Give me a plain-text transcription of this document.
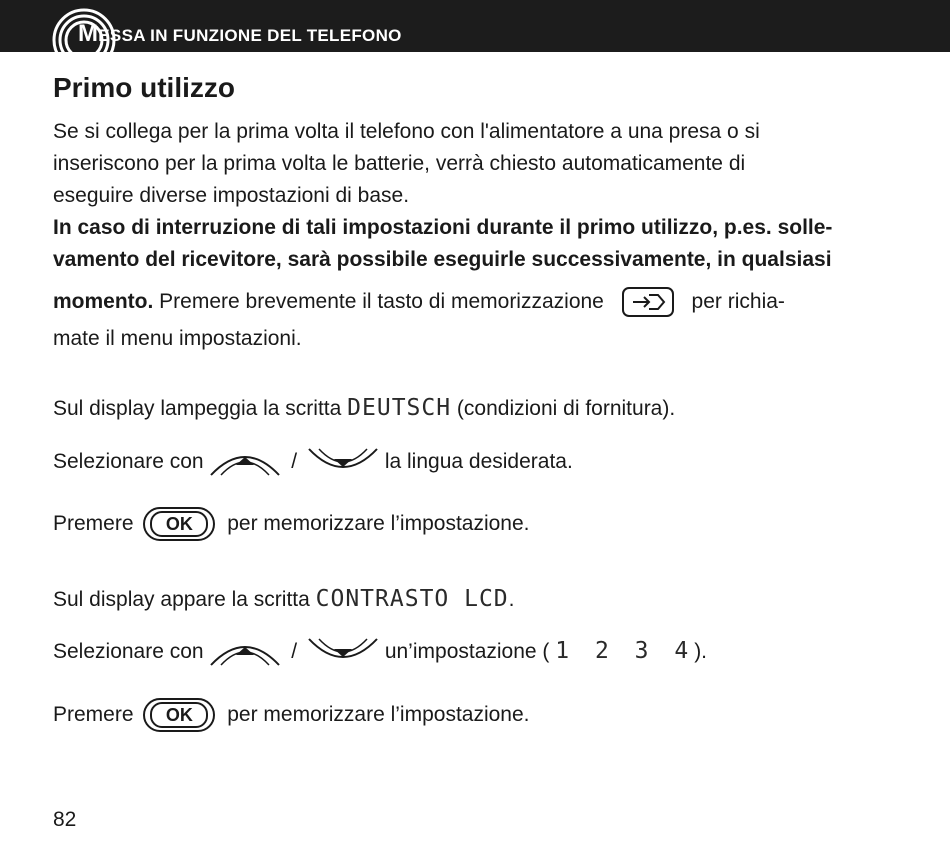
MESSA IN FUNZIONE DEL TELEFONO
Primo utilizzo
Se si collega per la prima volta il telefono con l'alimentatore a una presa o si
inseriscono per la prima volta le batterie, verrà chiesto automaticamente di
eseguire diverse impostazioni di base.
In caso di interruzione di tali impostazioni durante il primo utilizzo, p.es. solle-
vamento del ricevitore, sarà possibile eseguirle successivamente, in qualsiasi
momento. Premere brevemente il tasto di memorizzazione	per richia-
mate il menu impostazioni.
Sul display lampeggia la scritta DEUTSCH (condizioni di fornitura).
Selezionare con	/	la lingua desiderata.
Premere	OK	per memorizzare l’impostazione.
Sul display appare la scritta CONTRASTO LCD.
Selezionare con	/	un’impostazione ( 1 2 3 4).
Premere	OK	per memorizzare l’impostazione.
82
